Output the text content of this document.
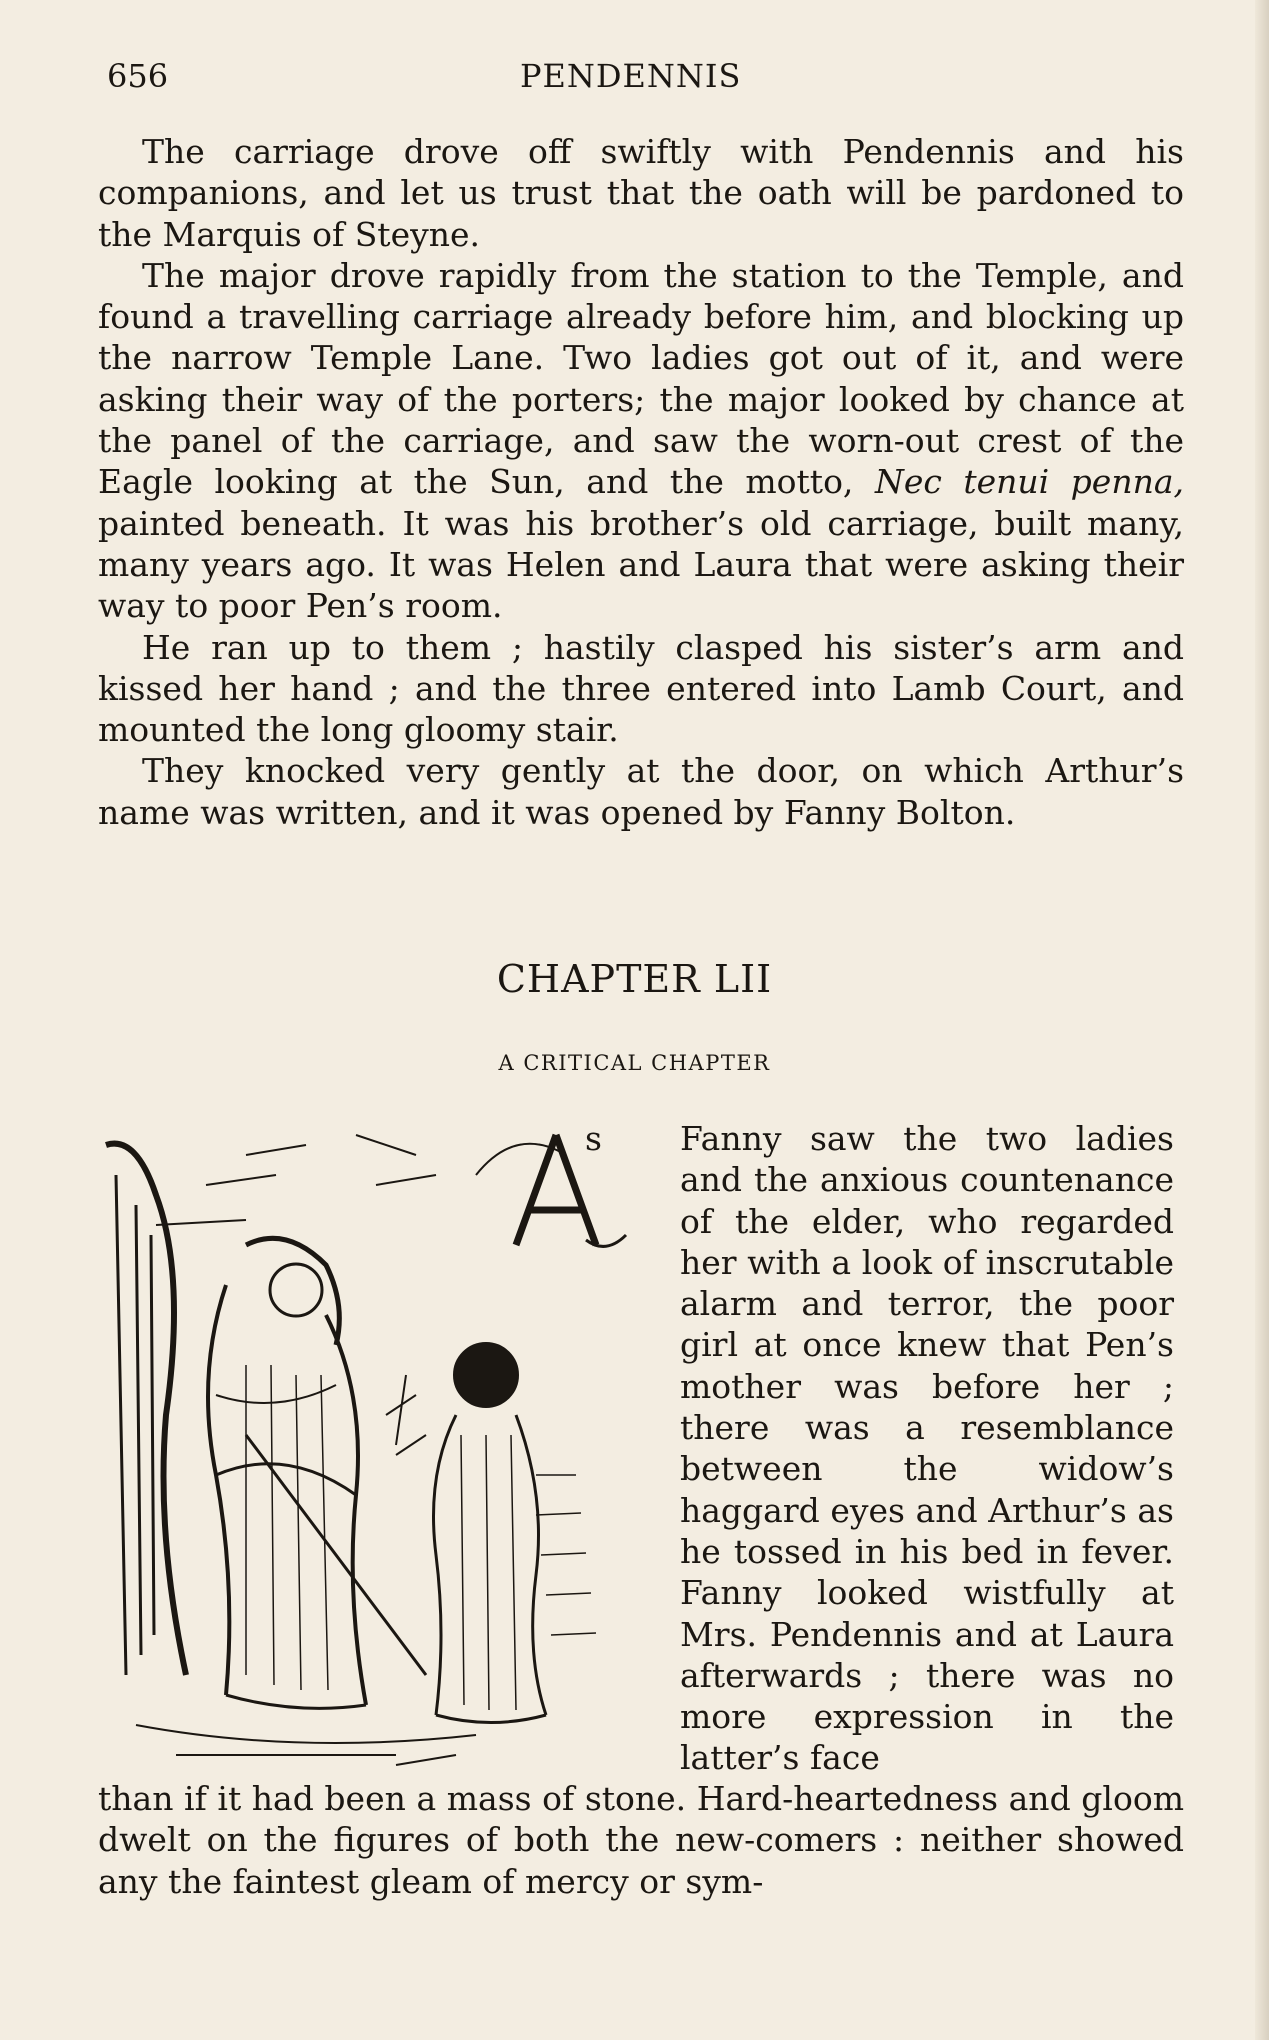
656	PENDENNIS

The carriage drove off swiftly with Pendennis and his companions, and let us trust that the oath will be pardoned to the Marquis of Steyne.

The major drove rapidly from the station to the Temple, and found a travelling carriage already before him, and blocking up the narrow Temple Lane. Two ladies got out of it, and were asking their way of the porters; the major looked by chance at the panel of the carriage, and saw the worn-out crest of the Eagle looking at the Sun, and the motto, Nec tenui penna, painted beneath. It was his brother’s old carriage, built many, many years ago. It was Helen and Laura that were asking their way to poor Pen’s room.

He ran up to them ; hastily clasped his sister’s arm and kissed her hand ; and the three entered into Lamb Court, and mounted the long gloomy stair.

They knocked very gently at the door, on which Arthur’s name was written, and it was opened by Fanny Bolton.

CHAPTER LII
A CRITICAL CHAPTER

s Fanny saw the two ladies and the anxious countenance of the elder, who regarded her with a look of inscrutable alarm and terror, the poor girl at once knew that Pen’s mother was before her ; there was a resemblance between the widow’s haggard eyes and Arthur’s as he tossed in his bed in fever. Fanny looked wistfully at Mrs. Pendennis and at Laura afterwards ; there was no more expression in the latter’s face

than if it had been a mass of stone. Hard-heartedness and gloom dwelt on the figures of both the new-comers : neither showed any the faintest gleam of mercy or sym-
